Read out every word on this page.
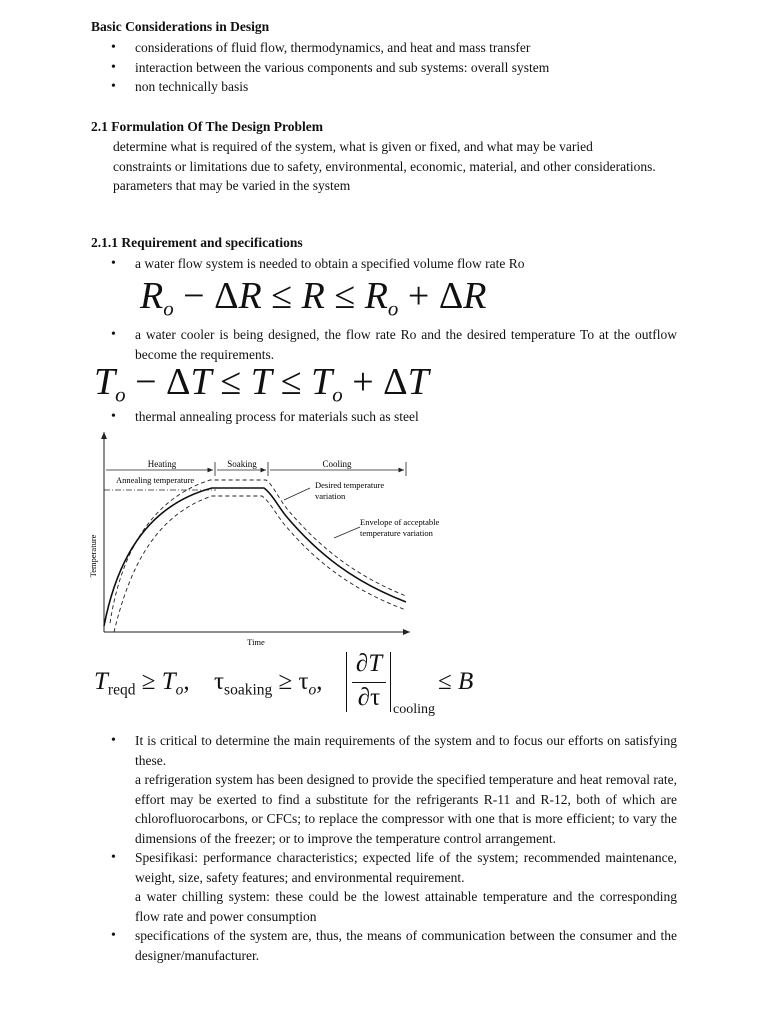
Basic Considerations in Design
• considerations of fluid flow, thermodynamics, and heat and mass transfer
• interaction between the various components and sub systems: overall system
• non technically basis
2.1 Formulation Of The Design Problem
determine what is required of the system, what is given or fixed, and what may be varied
constraints or limitations due to safety, environmental, economic, material, and other considerations.
parameters that may be varied in the system
2.1.1 Requirement and specifications
• a water flow system is needed to obtain a specified volume flow rate Ro
$R_o - \Delta R \le R \le R_o + \Delta R$
• a water cooler is being designed, the flow rate Ro and the desired temperature To at the outflow become the requirements.
$T_o - \Delta T \le T \le T_o + \Delta T$
• thermal annealing process for materials such as steel
Heating	Soaking	Cooling
Annealing temperature	Desired temperature
variation
Envelope of acceptable
temperature variation
Temperature
Time
$T_{reqd} \ge T_o$, $\tau_{soaking} \ge \tau_o$,
∂T
∂τ cooling
≤ B
• It is critical to determine the main requirements of the system and to focus our efforts on satisfying these.
a refrigeration system has been designed to provide the specified temperature and heat removal rate, effort may be exerted to find a substitute for the refrigerants R-11 and R-12, both of which are chlorofluorocarbons, or CFCs; to replace the compressor with one that is more efficient; to vary the dimensions of the freezer; or to improve the temperature control arrangement.
• Spesifikasi: performance characteristics; expected life of the system; recommended maintenance, weight, size, safety features; and environmental requirement.
a water chilling system: these could be the lowest attainable temperature and the corresponding flow rate and power consumption
• specifications of the system are, thus, the means of communication between the consumer and the designer/manufacturer.
